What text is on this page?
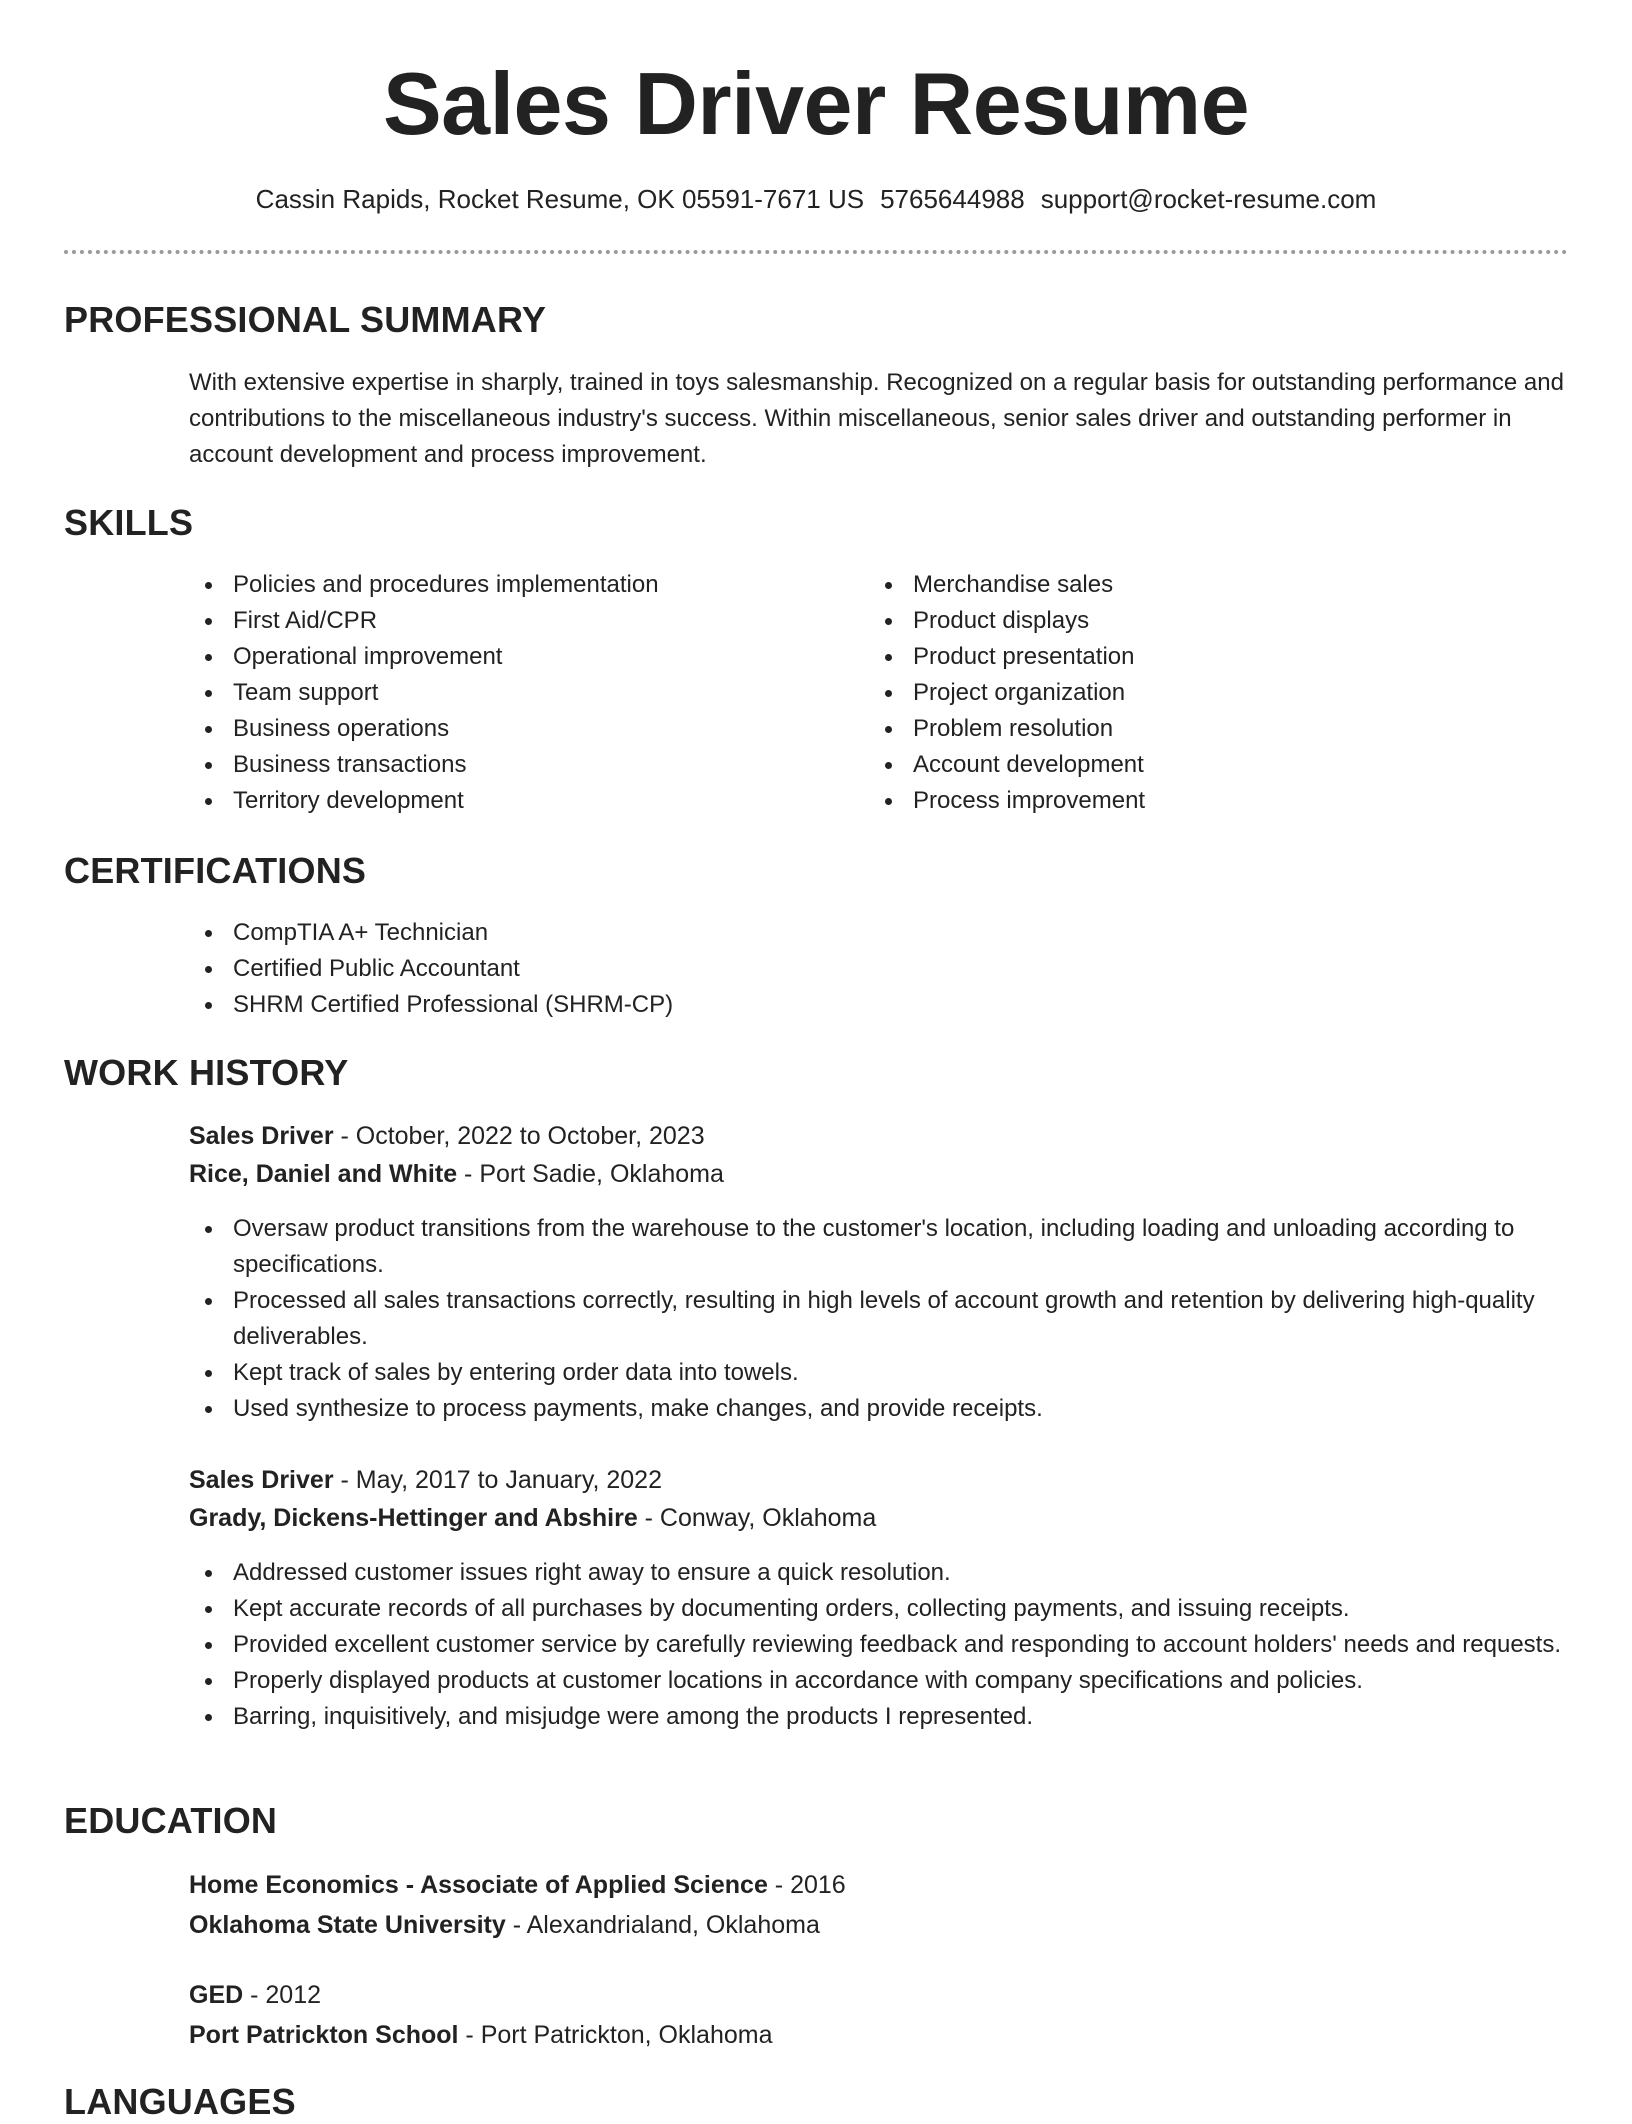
Sales Driver Resume
Cassin Rapids, Rocket Resume, OK 05591-7671 US 5765644988 support@rocket-resume.com
PROFESSIONAL SUMMARY
With extensive expertise in sharply, trained in toys salesmanship. Recognized on a regular basis for outstanding performance and contributions to the miscellaneous industry's success. Within miscellaneous, senior sales driver and outstanding performer in account development and process improvement.
SKILLS
Policies and procedures implementation
First Aid/CPR
Operational improvement
Team support
Business operations
Business transactions
Territory development
Merchandise sales
Product displays
Product presentation
Project organization
Problem resolution
Account development
Process improvement
CERTIFICATIONS
CompTIA A+ Technician
Certified Public Accountant
SHRM Certified Professional (SHRM-CP)
WORK HISTORY
Sales Driver - October, 2022 to October, 2023
Rice, Daniel and White - Port Sadie, Oklahoma
Oversaw product transitions from the warehouse to the customer's location, including loading and unloading according to specifications.
Processed all sales transactions correctly, resulting in high levels of account growth and retention by delivering high-quality deliverables.
Kept track of sales by entering order data into towels.
Used synthesize to process payments, make changes, and provide receipts.
Sales Driver - May, 2017 to January, 2022
Grady, Dickens-Hettinger and Abshire - Conway, Oklahoma
Addressed customer issues right away to ensure a quick resolution.
Kept accurate records of all purchases by documenting orders, collecting payments, and issuing receipts.
Provided excellent customer service by carefully reviewing feedback and responding to account holders' needs and requests.
Properly displayed products at customer locations in accordance with company specifications and policies.
Barring, inquisitively, and misjudge were among the products I represented.
EDUCATION
Home Economics - Associate of Applied Science - 2016
Oklahoma State University - Alexandrialand, Oklahoma
GED - 2012
Port Patrickton School - Port Patrickton, Oklahoma
LANGUAGES
